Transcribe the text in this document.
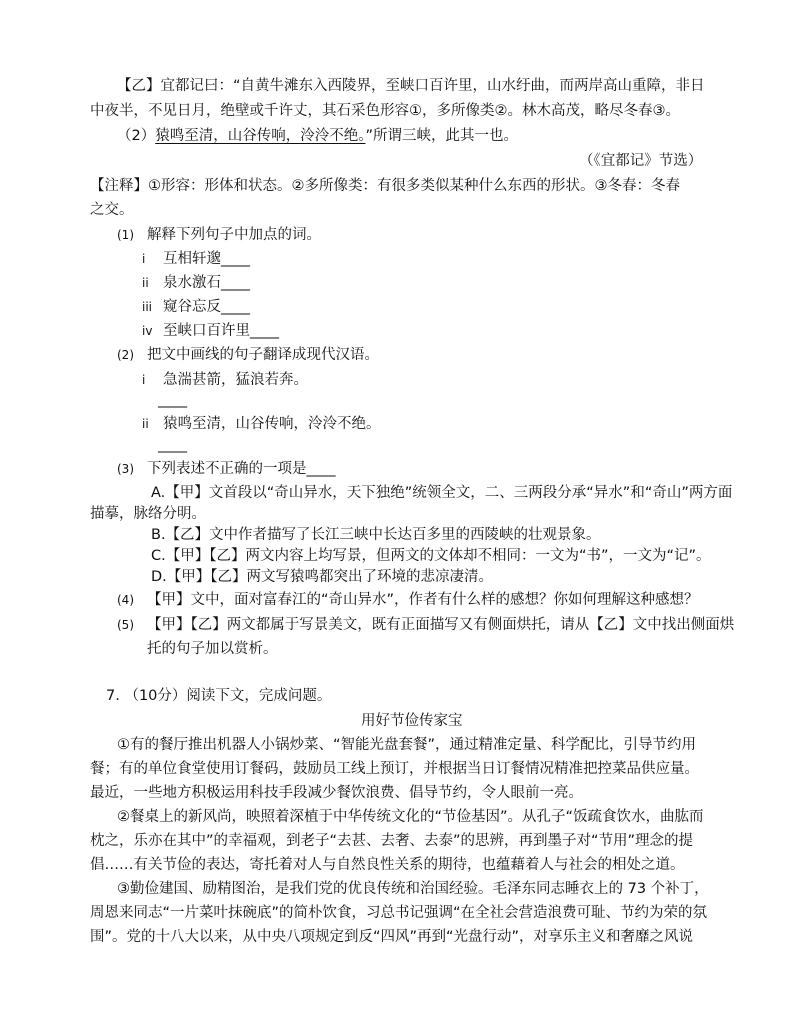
【乙】宜都记曰：“自黄牛滩东入西陵界，至峡口百许里，山水纡曲，而两岸高山重障，非日
中夜半，不见日月，绝壁或千许丈，其石采色形容①，多所像类②。林木高茂，略尽冬春③。
（2）猿鸣至清，山谷传响，泠泠不绝。”所谓三峡，此其一也。
（《宜都记》节选）
【注释】①形容：形体和状态。②多所像类：有很多类似某种什么东西的形状。③冬春：冬春
之交。
(1) 解释下列句子中加点的词。
i 互相轩邈____
ii 泉水激石____
iii 窥谷忘反____
iv 至峡口百许里____
(2) 把文中画线的句子翻译成现代汉语。
i 急湍甚箭，猛浪若奔。
____
ii 猿鸣至清，山谷传响，泠泠不绝。
____
(3) 下列表述不正确的一项是____
A.【甲】文首段以“奇山异水，天下独绝”统领全文，二、三两段分承“异水”和“奇山”两方面
描摹，脉络分明。
B.【乙】文中作者描写了长江三峡中长达百多里的西陵峡的壮观景象。
C.【甲】【乙】两文内容上均写景，但两文的文体却不相同：一文为“书”，一文为“记”。
D.【甲】【乙】两文写猿鸣都突出了环境的悲凉凄清。
(4) 【甲】文中，面对富春江的“奇山异水”，作者有什么样的感想？你如何理解这种感想？
(5) 【甲】【乙】两文都属于写景美文，既有正面描写又有侧面烘托，请从【乙】文中找出侧面烘
托的句子加以赏析。
7. （10分）阅读下文，完成问题。
用好节俭传家宝
①有的餐厅推出机器人小锅炒菜、“智能光盘套餐”，通过精准定量、科学配比，引导节约用
餐；有的单位食堂使用订餐码，鼓励员工线上预订，并根据当日订餐情况精准把控菜品供应量。
最近，一些地方积极运用科技手段减少餐饮浪费、倡导节约，令人眼前一亮。
②餐桌上的新风尚，映照着深植于中华传统文化的“节俭基因”。从孔子“饭疏食饮水，曲肱而
枕之，乐亦在其中”的幸福观，到老子“去甚、去奢、去泰”的思辨，再到墨子对“节用”理念的提
倡……有关节俭的表达，寄托着对人与自然良性关系的期待，也蕴藉着人与社会的相处之道。
③勤俭建国、励精图治，是我们党的优良传统和治国经验。毛泽东同志睡衣上的 73 个补丁，
周恩来同志“一片菜叶抹碗底”的简朴饮食，习总书记强调“在全社会营造浪费可耻、节约为荣的氛
围”。党的十八大以来，从中央八项规定到反“四风”再到“光盘行动”，对享乐主义和奢靡之风说
